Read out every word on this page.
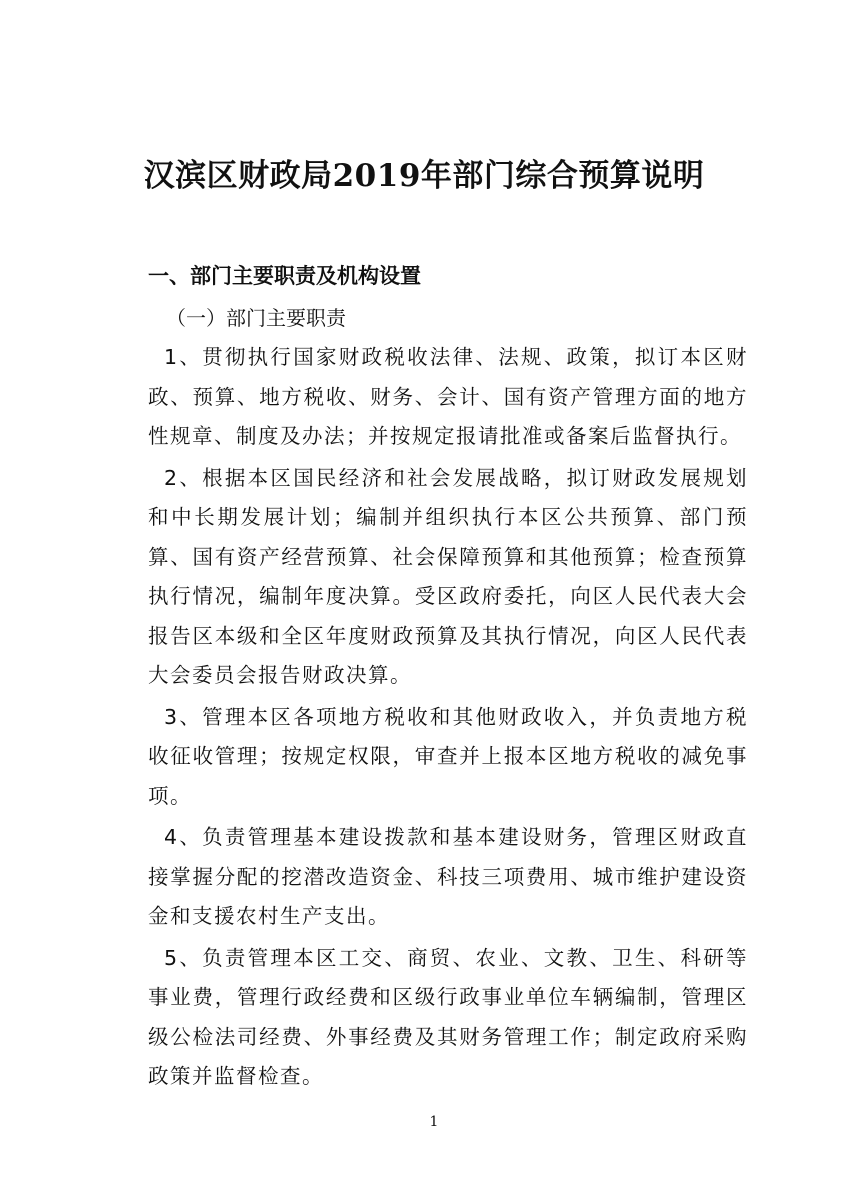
汉滨区财政局2019年部门综合预算说明
一、部门主要职责及机构设置
（一）部门主要职责

1、贯彻执行国家财政税收法律、法规、政策，拟订本区财政、预算、地方税收、财务、会计、国有资产管理方面的地方性规章、制度及办法；并按规定报请批准或备案后监督执行。

2、根据本区国民经济和社会发展战略，拟订财政发展规划和中长期发展计划；编制并组织执行本区公共预算、部门预算、国有资产经营预算、社会保障预算和其他预算；检查预算执行情况，编制年度决算。受区政府委托，向区人民代表大会报告区本级和全区年度财政预算及其执行情况，向区人民代表大会委员会报告财政决算。

3、管理本区各项地方税收和其他财政收入，并负责地方税收征收管理；按规定权限，审查并上报本区地方税收的减免事项。

4、负责管理基本建设拨款和基本建设财务，管理区财政直接掌握分配的挖潜改造资金、科技三项费用、城市维护建设资金和支援农村生产支出。

5、负责管理本区工交、商贸、农业、文教、卫生、科研等事业费，管理行政经费和区级行政事业单位车辆编制，管理区级公检法司经费、外事经费及其财务管理工作；制定政府采购政策并监督检查。

1
